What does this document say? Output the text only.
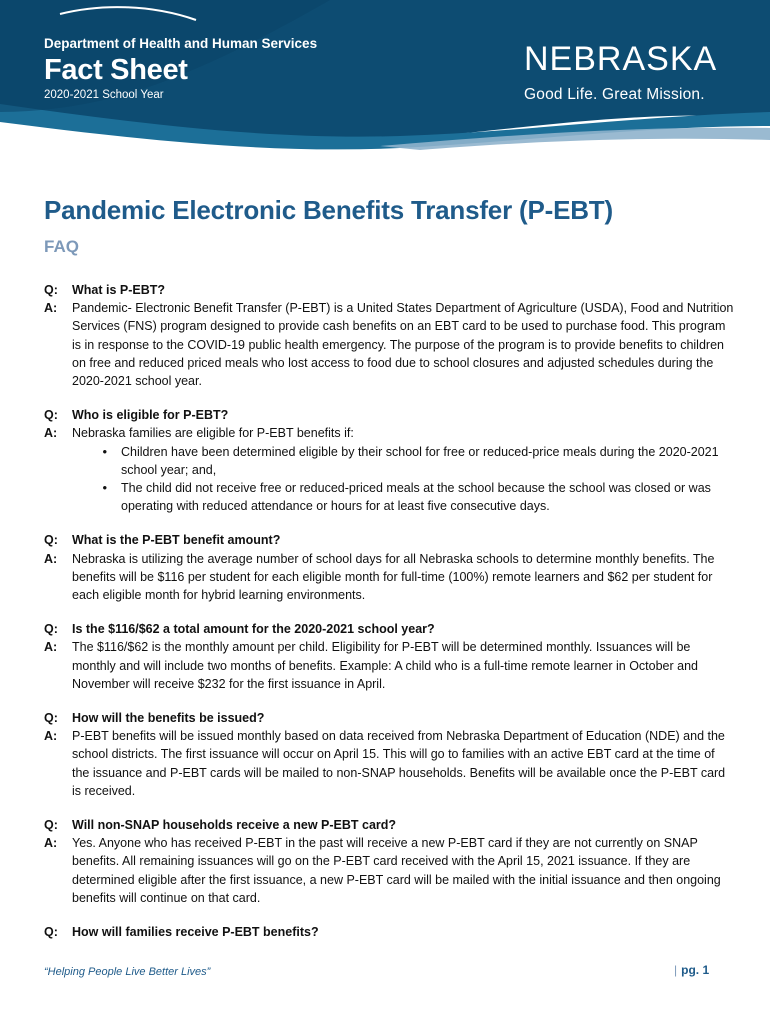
Department of Health and Human Services
Fact Sheet
2020-2021 School Year
NEBRASKA
Good Life. Great Mission.
Pandemic Electronic Benefits Transfer (P-EBT)
FAQ
Q:	What is P-EBT?
A:	Pandemic- Electronic Benefit Transfer (P-EBT) is a United States Department of Agriculture (USDA), Food and Nutrition Services (FNS) program designed to provide cash benefits on an EBT card to be used to purchase food. This program is in response to the COVID-19 public health emergency. The purpose of the program is to provide benefits to children on free and reduced priced meals who lost access to food due to school closures and adjusted schedules during the 2020-2021 school year.
Q:	Who is eligible for P-EBT?
A:	Nebraska families are eligible for P-EBT benefits if:
•	Children have been determined eligible by their school for free or reduced-price meals during the 2020-2021 school year; and,
•	The child did not receive free or reduced-priced meals at the school because the school was closed or was operating with reduced attendance or hours for at least five consecutive days.
Q:	What is the P-EBT benefit amount?
A:	Nebraska is utilizing the average number of school days for all Nebraska schools to determine monthly benefits. The benefits will be $116 per student for each eligible month for full-time (100%) remote learners and $62 per student for each eligible month for hybrid learning environments.
Q:	Is the $116/$62 a total amount for the 2020-2021 school year?
A:	The $116/$62 is the monthly amount per child. Eligibility for P-EBT will be determined monthly. Issuances will be monthly and will include two months of benefits. Example: A child who is a full-time remote learner in October and November will receive $232 for the first issuance in April.
Q:	How will the benefits be issued?
A:	P-EBT benefits will be issued monthly based on data received from Nebraska Department of Education (NDE) and the school districts. The first issuance will occur on April 15. This will go to families with an active EBT card at the time of the issuance and P-EBT cards will be mailed to non-SNAP households. Benefits will be available once the P-EBT card is received.
Q:	Will non-SNAP households receive a new P-EBT card?
A:	Yes. Anyone who has received P-EBT in the past will receive a new P-EBT card if they are not currently on SNAP benefits. All remaining issuances will go on the P-EBT card received with the April 15, 2021 issuance. If they are determined eligible after the first issuance, a new P-EBT card will be mailed with the initial issuance and then ongoing benefits will continue on that card.
Q:	How will families receive P-EBT benefits?
“Helping People Live Better Lives”	| pg. 1
